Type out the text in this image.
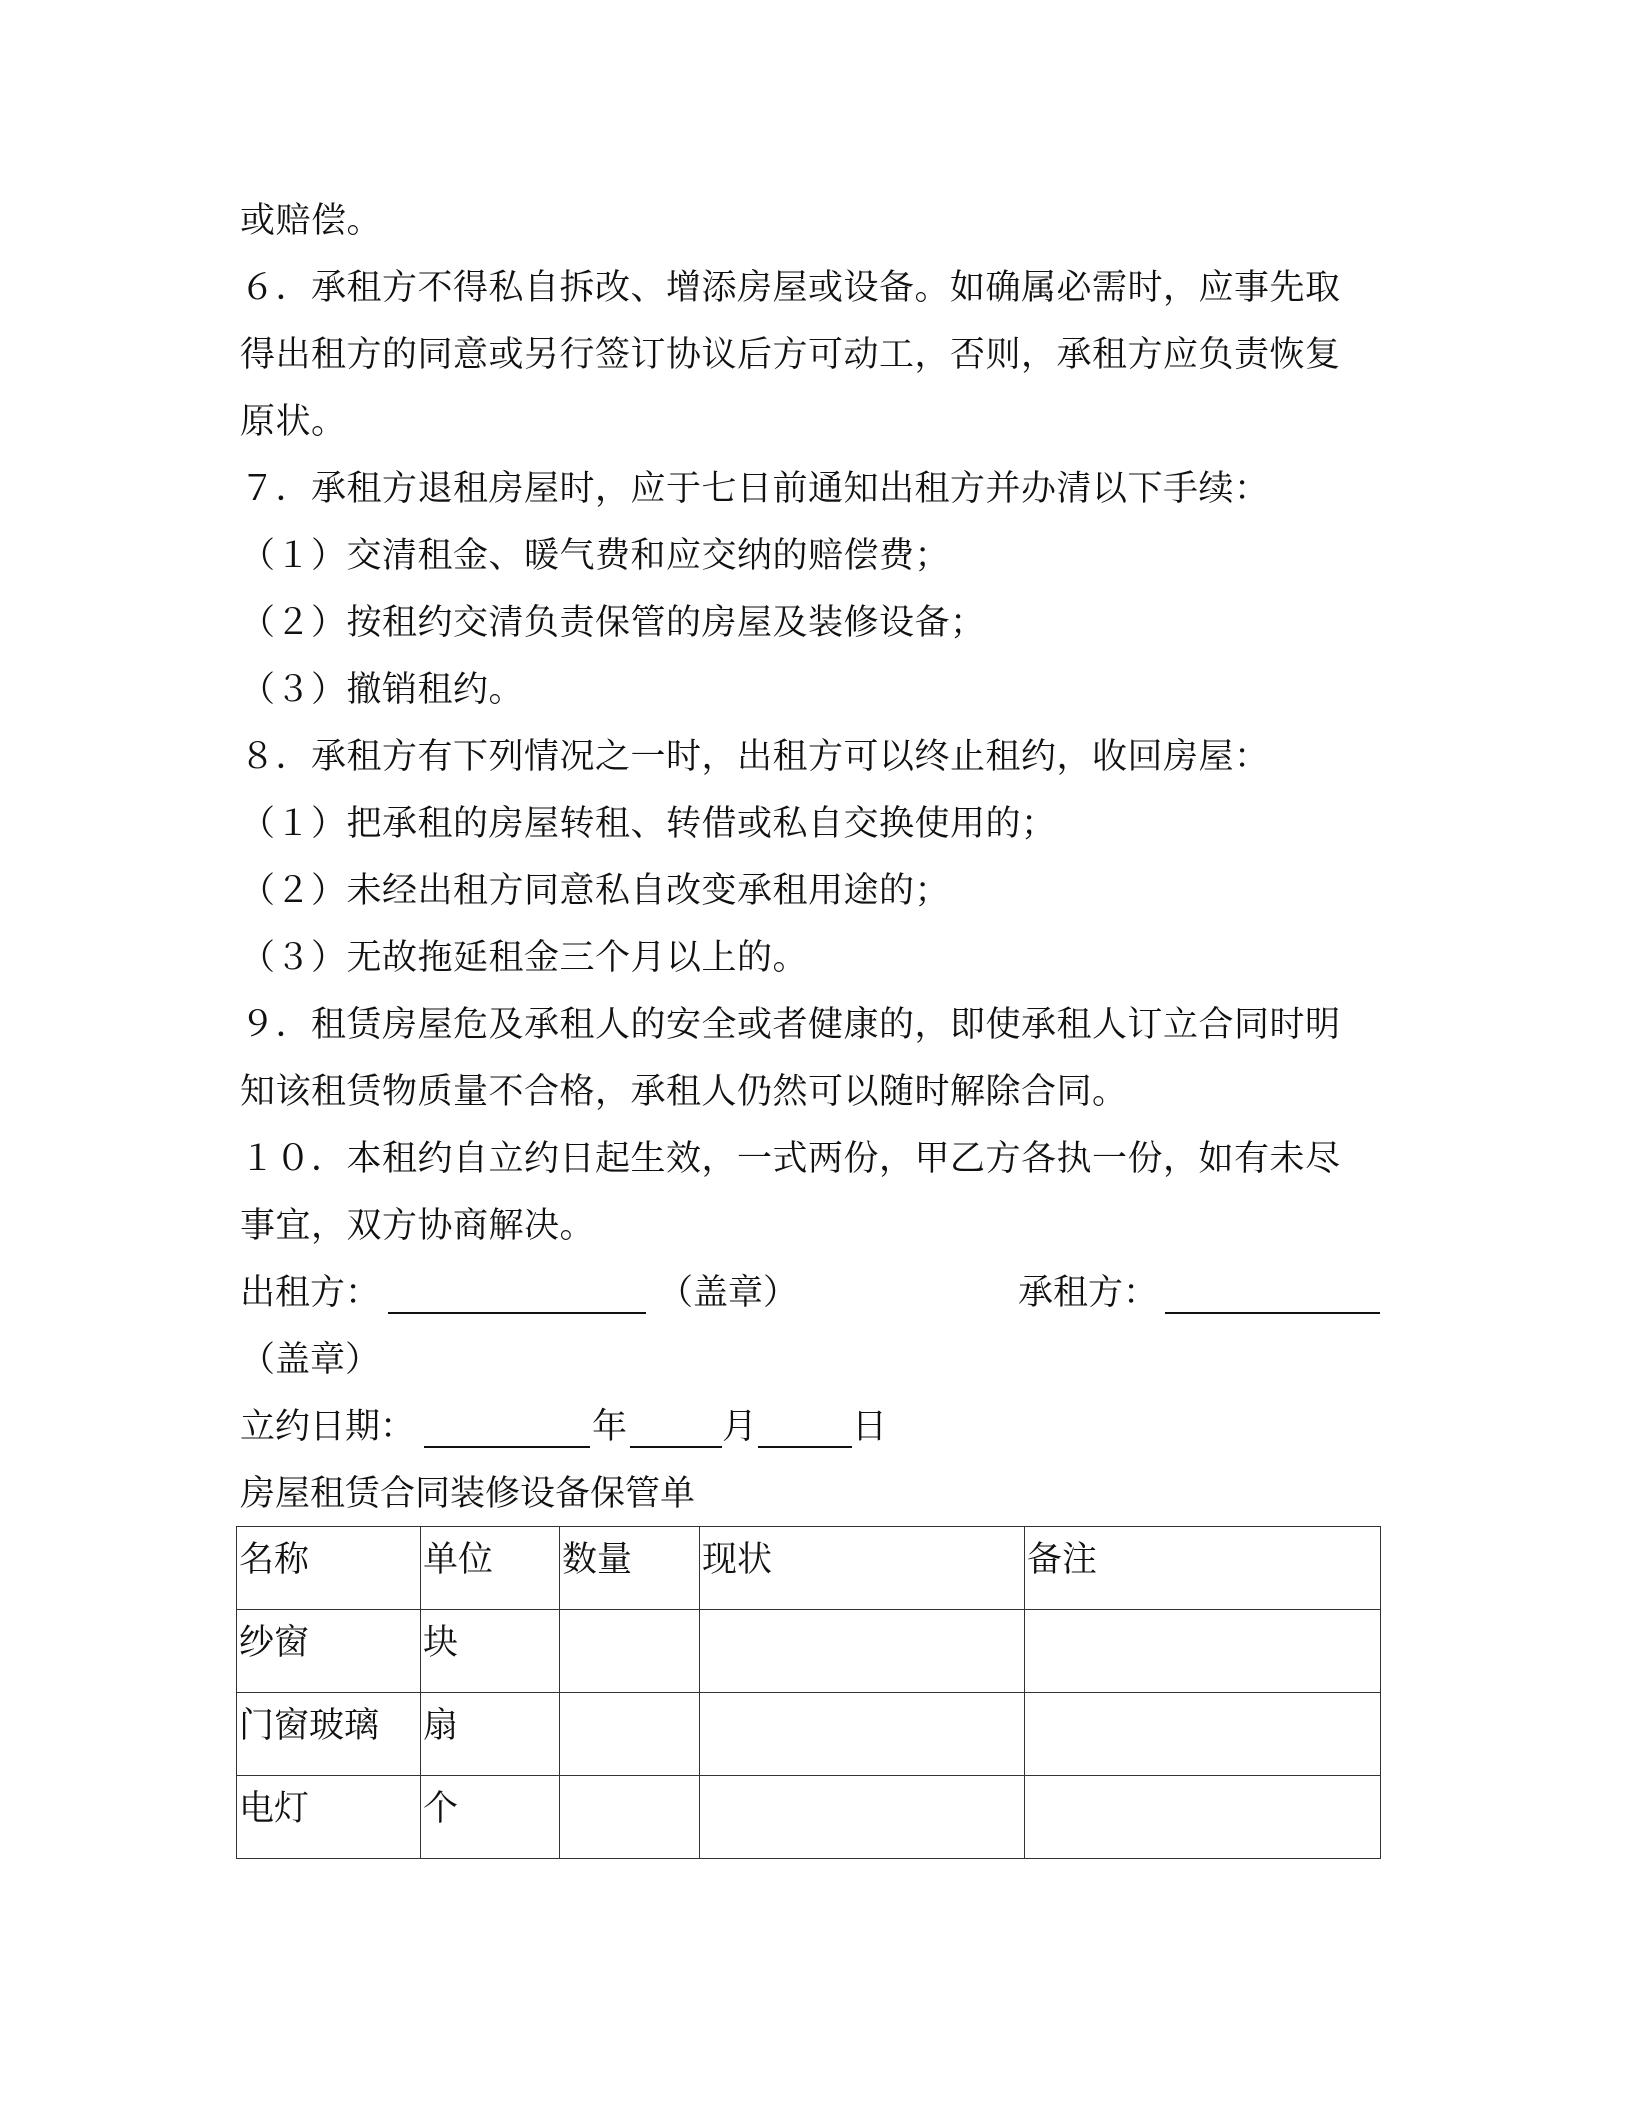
或赔偿。
６．承租方不得私自拆改、增添房屋或设备。如确属必需时，应事先取
得出租方的同意或另行签订协议后方可动工，否则，承租方应负责恢复
原状。
７．承租方退租房屋时，应于七日前通知出租方并办清以下手续：
（１）交清租金、暖气费和应交纳的赔偿费；
（２）按租约交清负责保管的房屋及装修设备；
（３）撤销租约。
８．承租方有下列情况之一时，出租方可以终止租约，收回房屋：
（１）把承租的房屋转租、转借或私自交换使用的；
（２）未经出租方同意私自改变承租用途的；
（３）无故拖延租金三个月以上的。
９．租赁房屋危及承租人的安全或者健康的，即使承租人订立合同时明
知该租赁物质量不合格，承租人仍然可以随时解除合同。
１０．本租约自立约日起生效，一式两份，甲乙方各执一份，如有未尽
事宜，双方协商解决。
出租方：	（盖章）	承租方：
（盖章）
立约日期：	年	月	日
房屋租赁合同装修设备保管单
名称	单位	数量	现状	备注
纱窗	块			
门窗玻璃	扇			
电灯	个			
